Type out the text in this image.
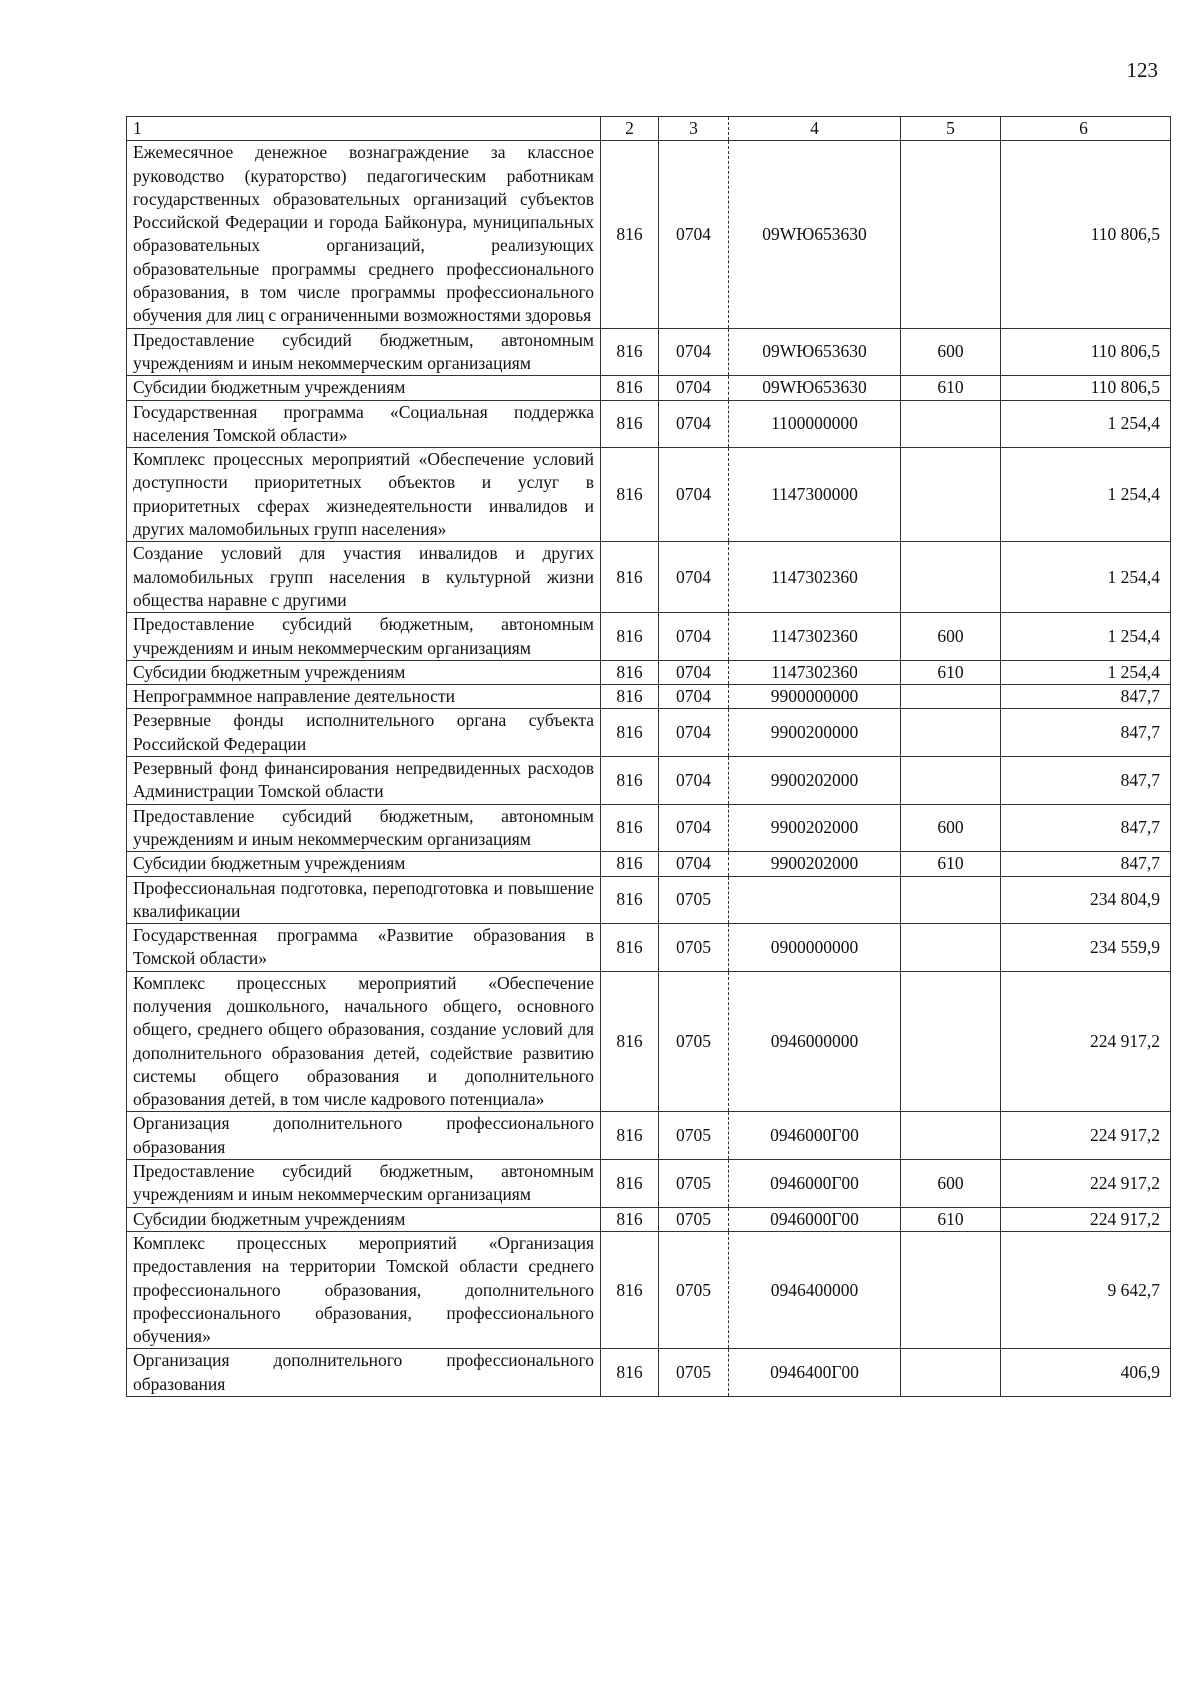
123
1	2	3	4	5	6
Ежемесячное денежное вознаграждение за классное руководство (кураторство) педагогическим работникам государственных образовательных организаций субъектов Российской Федерации и города Байконура, муниципальных образовательных организаций, реализующих образовательные программы среднего профессионального образования, в том числе программы профессионального обучения для лиц с ограниченными возможностями здоровья	816	0704	09WЮ653630		110 806,5
Предоставление субсидий бюджетным, автономным учреждениям и иным некоммерческим организациям	816	0704	09WЮ653630	600	110 806,5
Субсидии бюджетным учреждениям	816	0704	09WЮ653630	610	110 806,5
Государственная программа «Социальная поддержка населения Томской области»	816	0704	1100000000		1 254,4
Комплекс процессных мероприятий «Обеспечение условий доступности приоритетных объектов и услуг в приоритетных сферах жизнедеятельности инвалидов и других маломобильных групп населения»	816	0704	1147300000		1 254,4
Создание условий для участия инвалидов и других маломобильных групп населения в культурной жизни общества наравне с другими	816	0704	1147302360		1 254,4
Предоставление субсидий бюджетным, автономным учреждениям и иным некоммерческим организациям	816	0704	1147302360	600	1 254,4
Субсидии бюджетным учреждениям	816	0704	1147302360	610	1 254,4
Непрограммное направление деятельности	816	0704	9900000000		847,7
Резервные фонды исполнительного органа субъекта Российской Федерации	816	0704	9900200000		847,7
Резервный фонд финансирования непредвиденных расходов Администрации Томской области	816	0704	9900202000		847,7
Предоставление субсидий бюджетным, автономным учреждениям и иным некоммерческим организациям	816	0704	9900202000	600	847,7
Субсидии бюджетным учреждениям	816	0704	9900202000	610	847,7
Профессиональная подготовка, переподготовка и повышение квалификации	816	0705			234 804,9
Государственная программа «Развитие образования в Томской области»	816	0705	0900000000		234 559,9
Комплекс процессных мероприятий «Обеспечение получения дошкольного, начального общего, основного общего, среднего общего образования, создание условий для дополнительного образования детей, содействие развитию системы общего образования и дополнительного образования детей, в том числе кадрового потенциала»	816	0705	0946000000		224 917,2
Организация дополнительного профессионального образования	816	0705	0946000Г00		224 917,2
Предоставление субсидий бюджетным, автономным учреждениям и иным некоммерческим организациям	816	0705	0946000Г00	600	224 917,2
Субсидии бюджетным учреждениям	816	0705	0946000Г00	610	224 917,2
Комплекс процессных мероприятий «Организация предоставления на территории Томской области среднего профессионального образования, дополнительного профессионального образования, профессионального обучения»	816	0705	0946400000		9 642,7
Организация дополнительного профессионального образования	816	0705	0946400Г00		406,9
